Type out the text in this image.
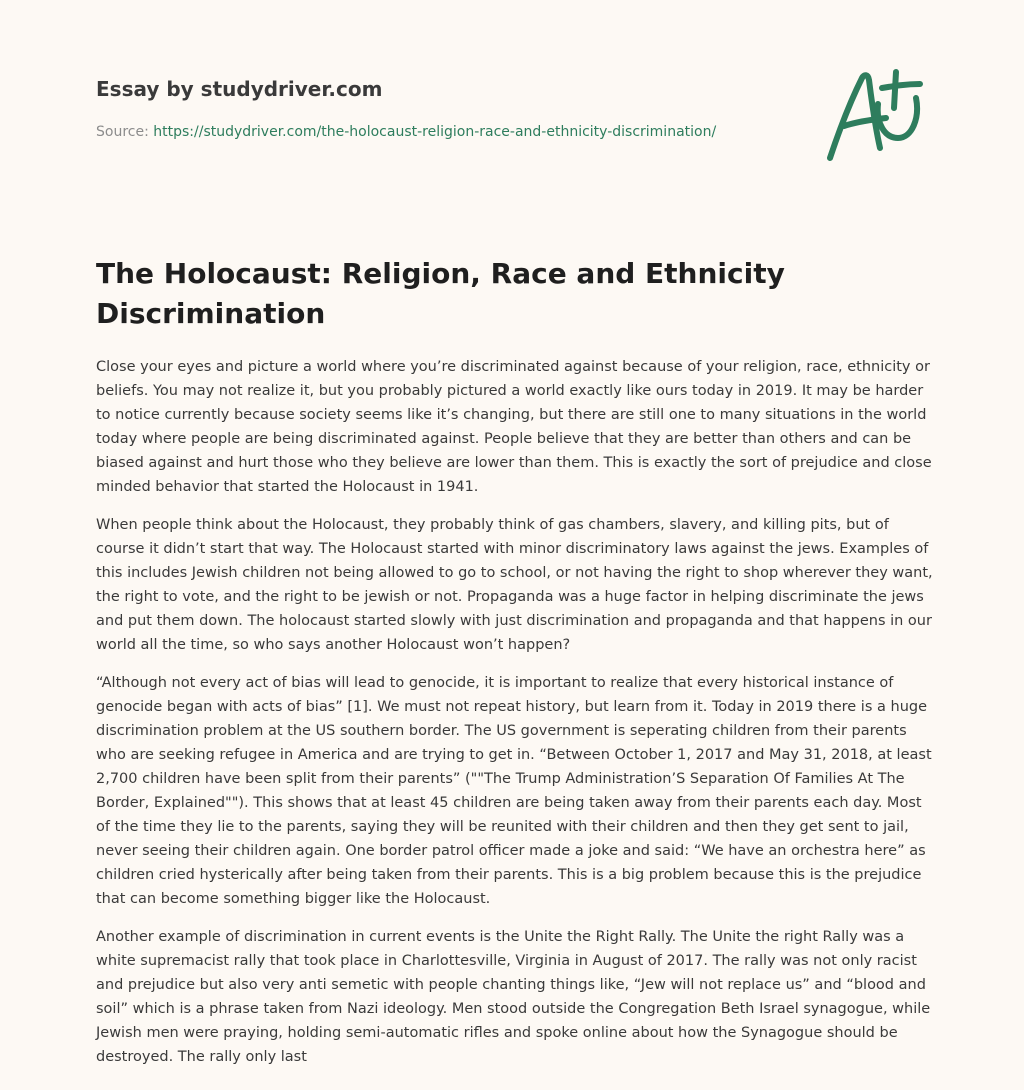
Essay by studydriver.com
Source: https://studydriver.com/the-holocaust-religion-race-and-ethnicity-discrimination/
The Holocaust: Religion, Race and Ethnicity Discrimination

Close your eyes and picture a world where you’re discriminated against because of your religion, race, ethnicity or beliefs. You may not realize it, but you probably pictured a world exactly like ours today in 2019. It may be harder to notice currently because society seems like it’s changing, but there are still one to many situations in the world today where people are being discriminated against. People believe that they are better than others and can be biased against and hurt those who they believe are lower than them. This is exactly the sort of prejudice and close minded behavior that started the Holocaust in 1941.

When people think about the Holocaust, they probably think of gas chambers, slavery, and killing pits, but of course it didn’t start that way. The Holocaust started with minor discriminatory laws against the jews. Examples of this includes Jewish children not being allowed to go to school, or not having the right to shop wherever they want, the right to vote, and the right to be jewish or not. Propaganda was a huge factor in helping discriminate the jews and put them down. The holocaust started slowly with just discrimination and propaganda and that happens in our world all the time, so who says another Holocaust won’t happen?

“Although not every act of bias will lead to genocide, it is important to realize that every historical instance of genocide began with acts of bias” [1]. We must not repeat history, but learn from it. Today in 2019 there is a huge discrimination problem at the US southern border. The US government is seperating children from their parents who are seeking refugee in America and are trying to get in. “Between October 1, 2017 and May 31, 2018, at least 2,700 children have been split from their parents” (""The Trump Administration’S Separation Of Families At The Border, Explained""). This shows that at least 45 children are being taken away from their parents each day. Most of the time they lie to the parents, saying they will be reunited with their children and then they get sent to jail, never seeing their children again. One border patrol officer made a joke and said: “We have an orchestra here” as children cried hysterically after being taken from their parents. This is a big problem because this is the prejudice that can become something bigger like the Holocaust.

Another example of discrimination in current events is the Unite the Right Rally. The Unite the right Rally was a white supremacist rally that took place in Charlottesville, Virginia in August of 2017. The rally was not only racist and prejudice but also very anti semetic with people chanting things like, “Jew will not replace us” and “blood and soil” which is a phrase taken from Nazi ideology. Men stood outside the Congregation Beth Israel synagogue, while Jewish men were praying, holding semi-automatic rifles and spoke online about how the Synagogue should be destroyed. The rally only last
